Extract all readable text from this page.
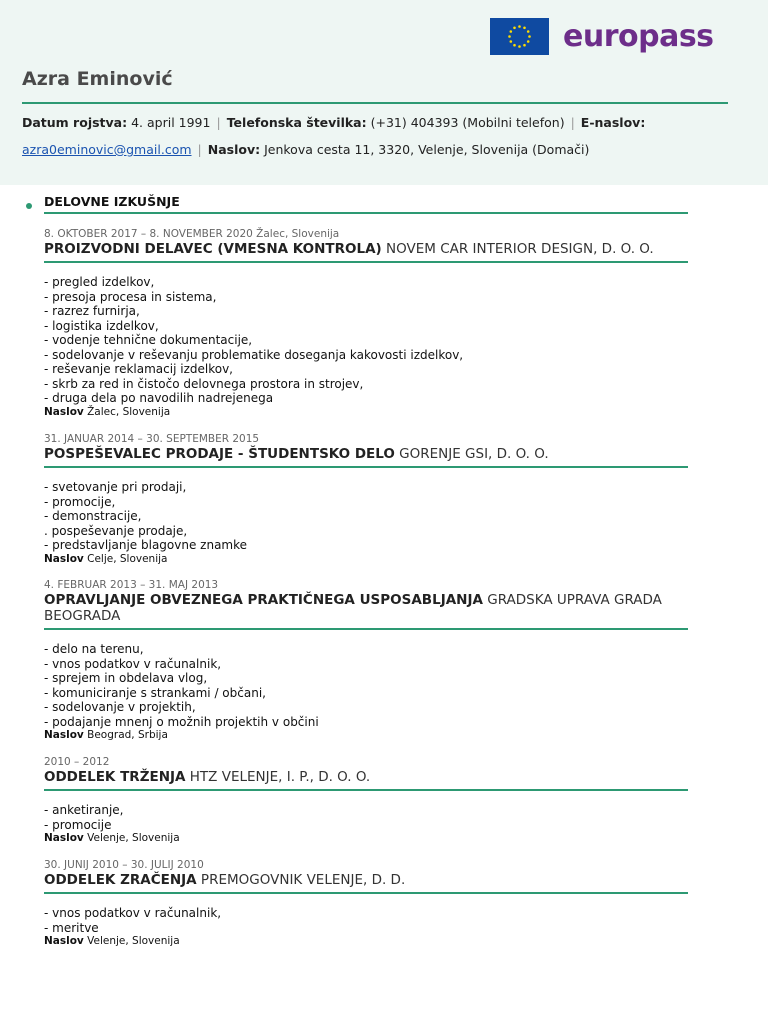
europass
Azra Eminović
Datum rojstva: 4. april 1991 | Telefonska številka: (+31) 404393 (Mobilni telefon) | E-naslov:
azra0eminovic@gmail.com | Naslov: Jenkova cesta 11, 3320, Velenje, Slovenija (Domači)
DELOVNE IZKUŠNJE
8. OKTOBER 2017 – 8. NOVEMBER 2020 Žalec, Slovenija
PROIZVODNI DELAVEC (VMESNA KONTROLA) NOVEM CAR INTERIOR DESIGN, D. O. O.
- pregled izdelkov,
- presoja procesa in sistema,
- razrez furnirja,
- logistika izdelkov,
- vodenje tehnične dokumentacije,
- sodelovanje v reševanju problematike doseganja kakovosti izdelkov,
- reševanje reklamacij izdelkov,
- skrb za red in čistočo delovnega prostora in strojev,
- druga dela po navodilih nadrejenega
Naslov Žalec, Slovenija
31. JANUAR 2014 – 30. SEPTEMBER 2015
POSPEŠEVALEC PRODAJE - ŠTUDENTSKO DELO GORENJE GSI, D. O. O.
- svetovanje pri prodaji,
- promocije,
- demonstracije,
. pospeševanje prodaje,
- predstavljanje blagovne znamke
Naslov Celje, Slovenija
4. FEBRUAR 2013 – 31. MAJ 2013
OPRAVLJANJE OBVEZNEGA PRAKTIČNEGA USPOSABLJANJA GRADSKA UPRAVA GRADA BEOGRADA
- delo na terenu,
- vnos podatkov v računalnik,
- sprejem in obdelava vlog,
- komuniciranje s strankami / občani,
- sodelovanje v projektih,
- podajanje mnenj o možnih projektih v občini
Naslov Beograd, Srbija
2010 – 2012
ODDELEK TRŽENJA HTZ VELENJE, I. P., D. O. O.
- anketiranje,
- promocije
Naslov Velenje, Slovenija
30. JUNIJ 2010 – 30. JULIJ 2010
ODDELEK ZRAČENJA PREMOGOVNIK VELENJE, D. D.
- vnos podatkov v računalnik,
- meritve
Naslov Velenje, Slovenija
